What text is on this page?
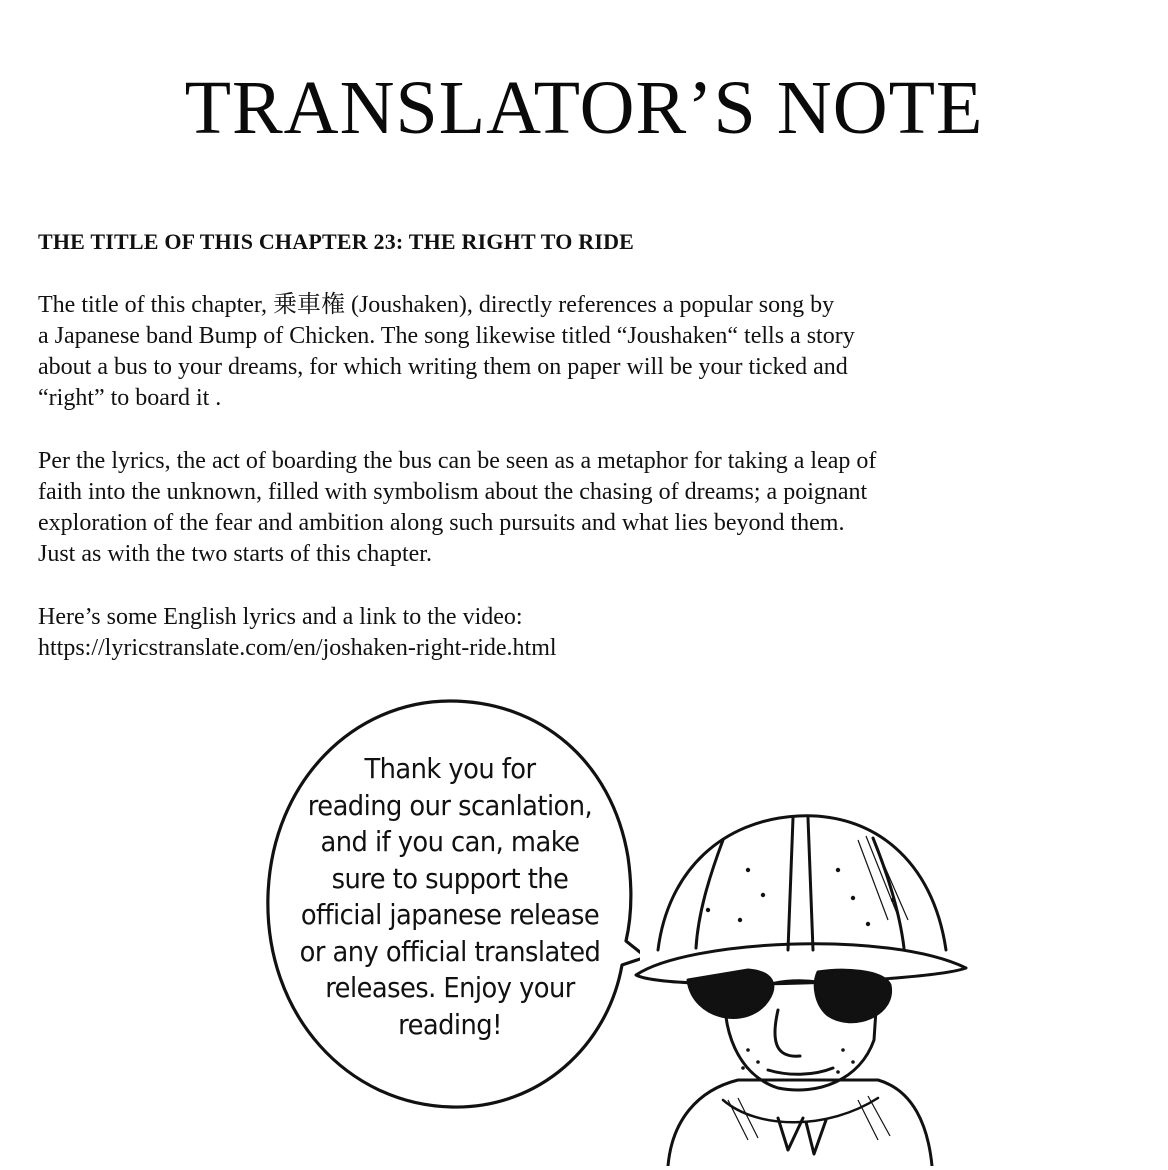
TRANSLATOR’S NOTE
THE TITLE OF THIS CHAPTER 23: THE RIGHT TO RIDE

The title of this chapter, 乗車権 (Joushaken), directly references a popular song by
a Japanese band Bump of Chicken. The song likewise titled “Joushaken“ tells a story
about a bus to your dreams, for which writing them on paper will be your ticked and
“right” to board it .

Per the lyrics, the act of boarding the bus can be seen as a metaphor for taking a leap of
faith into the unknown, filled with symbolism about the chasing of dreams; a poignant
exploration of the fear and ambition along such pursuits and what lies beyond them.
Just as with the two starts of this chapter.

Here’s some English lyrics and a link to the video:
https://lyricstranslate.com/en/joshaken-right-ride.html

Thank you for
reading our scanlation,
and if you can, make
sure to support the
official japanese release
or any official translated
releases. Enjoy your
reading!
